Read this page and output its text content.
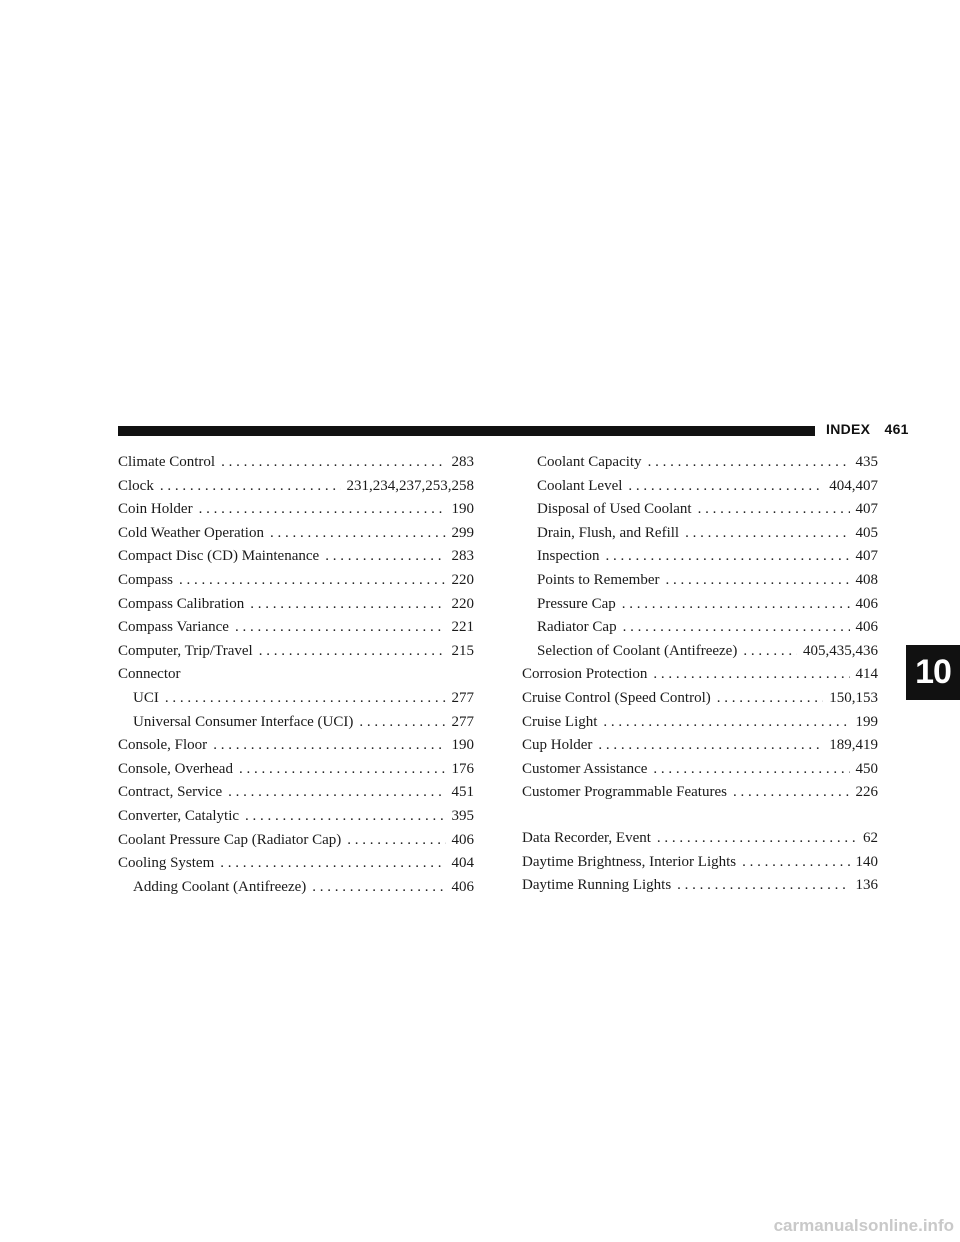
INDEX 461
Climate Control . . .	283
Clock . . .	231,234,237,253,258
Coin Holder . . .	190
Cold Weather Operation . . .	299
Compact Disc (CD) Maintenance . . .	283
Compass . . .	220
Compass Calibration . . .	220
Compass Variance . . .	221
Computer, Trip/Travel . . .	215
Connector
UCI . . .	277
Universal Consumer Interface (UCI) . . .	277
Console, Floor . . .	190
Console, Overhead . . .	176
Contract, Service . . .	451
Converter, Catalytic . . .	395
Coolant Pressure Cap (Radiator Cap) . . .	406
Cooling System . . .	404
Adding Coolant (Antifreeze) . . .	406
Coolant Capacity . . .	435
Coolant Level . . .	404,407
Disposal of Used Coolant . . .	407
Drain, Flush, and Refill . . .	405
Inspection . . .	407
Points to Remember . . .	408
Pressure Cap . . .	406
Radiator Cap . . .	406
Selection of Coolant (Antifreeze) . . .	405,435,436
Corrosion Protection . . .	414
Cruise Control (Speed Control) . . .	150,153
Cruise Light . . .	199
Cup Holder . . .	189,419
Customer Assistance . . .	450
Customer Programmable Features . . .	226
Data Recorder, Event . . .	62
Daytime Brightness, Interior Lights . . .	140
Daytime Running Lights . . .	136
10
carmanualsonline.info
